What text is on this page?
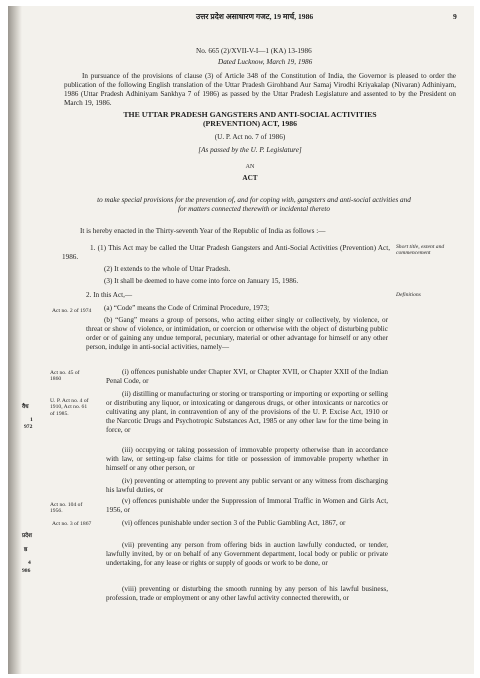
उत्तर प्रदेश असाधारण गजट, 19 मार्च, 1986	9
No. 665 (2)/XVII-V-I—1 (KA) 13-1986
Dated Lucknow, March 19, 1986
In pursuance of the provisions of clause (3) of Article 348 of the Constitution of India, the Governor is pleased to order the publication of the following English translation of the Uttar Pradesh Girohband Aur Samaj Virodhi Kriyakalap (Nivaran) Adhiniyam, 1986 (Uttar Pradesh Adhiniyam Sankhya 7 of 1986) as passed by the Uttar Pradesh Legislature and assented to by the President on March 19, 1986.
THE UTTAR PRADESH GANGSTERS AND ANTI-SOCIAL ACTIVITIES
(PREVENTION) ACT, 1986
(U. P. Act no. 7 of 1986)
[As passed by the U. P. Legislature]
AN
ACT
to make special provisions for the prevention of, and for coping with, gangsters and anti-social activities and for matters connected therewith or incidental thereto
It is hereby enacted in the Thirty-seventh Year of the Republic of India as follows :—
1. (1) This Act may be called the Uttar Pradesh Gangsters and Anti-Social Activities (Prevention) Act, 1986.
(2) It extends to the whole of Uttar Pradesh.
(3) It shall be deemed to have come into force on January 15, 1986.
Short title, extent and commencement
2. In this Act,—	Definitions
(a) “Code” means the Code of Criminal Procedure, 1973;
(b) “Gang” means a group of persons, who acting either singly or collectively, by violence, or threat or show of violence, or intimidation, or coercion or otherwise with the object of disturbing public order or of gaining any undue temporal, pecuniary, material or other advantage for himself or any other person, indulge in anti-social activities, namely—
(i) offences punishable under Chapter XVI, or Chapter XVII, or Chapter XXII of the Indian Penal Code, or
(ii) distilling or manufacturing or storing or transporting or importing or exporting or selling or distributing any liquor, or intoxicating or dangerous drugs, or other intoxicants or narcotics or cultivating any plant, in contravention of any of the provisions of the U. P. Excise Act, 1910 or the Narcotic Drugs and Psychotropic Substances Act, 1985 or any other law for the time being in force, or
(iii) occupying or taking possession of immovable property otherwise than in accordance with law, or setting-up false claims for title or possession of immovable property whether in himself or any other person, or
(iv) preventing or attempting to prevent any public servant or any witness from discharging his lawful duties, or
(v) offences punishable under the Suppression of Immoral Traffic in Women and Girls Act, 1956, or
(vi) offences punishable under section 3 of the Public Gambling Act, 1867, or
(vii) preventing any person from offering bids in auction lawfully conducted, or tender, lawfully invited, by or on behalf of any Government department, local body or public or private undertaking, for any lease or rights or supply of goods or work to be done, or
(viii) preventing or disturbing the smooth running by any person of his lawful business, profession, trade or employment or any other lawful activity connected therewith, or
Act no. 2 of 1974
Act no. 45 of 1860
U. P. Act no. 4 of 1910, Act no. 61 of 1985.
Act no. 104 of 1956.
Act no. 3 of 1867
वैध
1
972
प्रदेश
ष्ठ
4
986
